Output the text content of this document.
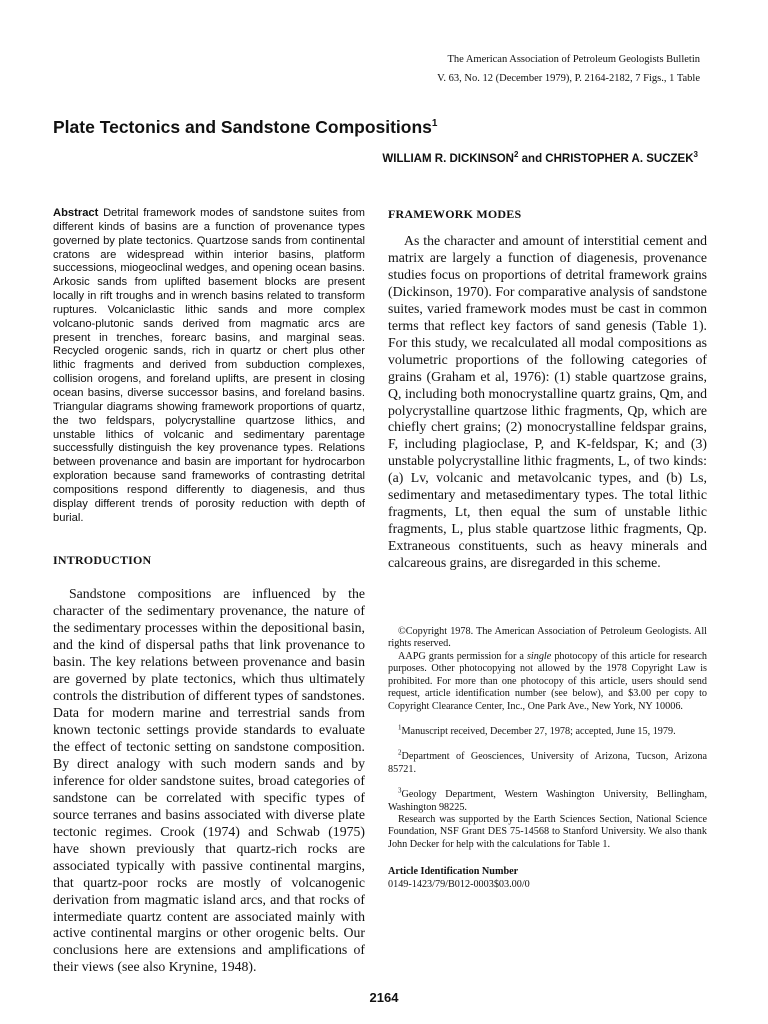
The American Association of Petroleum Geologists Bulletin
V. 63, No. 12 (December 1979), P. 2164-2182, 7 Figs., 1 Table
Plate Tectonics and Sandstone Compositions$^1$
WILLIAM R. DICKINSON$^2$ and CHRISTOPHER A. SUCZEK$^3$

Abstract Detrital framework modes of sandstone suites from different kinds of basins are a function of provenance types governed by plate tectonics. Quartzose sands from continental cratons are widespread within interior basins, platform successions, miogeoclinal wedges, and opening ocean basins. Arkosic sands from uplifted basement blocks are present locally in rift troughs and in wrench basins related to transform ruptures. Volcaniclastic lithic sands and more complex volcano-plutonic sands derived from magmatic arcs are present in trenches, forearc basins, and marginal seas. Recycled orogenic sands, rich in quartz or chert plus other lithic fragments and derived from subduction complexes, collision orogens, and foreland uplifts, are present in closing ocean basins, diverse successor basins, and foreland basins. Triangular diagrams showing framework proportions of quartz, the two feldspars, polycrystalline quartzose lithics, and unstable lithics of volcanic and sedimentary parentage successfully distinguish the key provenance types. Relations between provenance and basin are important for hydrocarbon exploration because sand frameworks of contrasting detrital compositions respond differently to diagenesis, and thus display different trends of porosity reduction with depth of burial.

INTRODUCTION

Sandstone compositions are influenced by the character of the sedimentary provenance, the nature of the sedimentary processes within the depositional basin, and the kind of dispersal paths that link provenance to basin. The key relations between provenance and basin are governed by plate tectonics, which thus ultimately controls the distribution of different types of sandstones. Data for modern marine and terrestrial sands from known tectonic settings provide standards to evaluate the effect of tectonic setting on sandstone composition. By direct analogy with such modern sands and by inference for older sandstone suites, broad categories of sandstone can be correlated with specific types of source terranes and basins associated with diverse plate tectonic regimes. Crook (1974) and Schwab (1975) have shown previously that quartz-rich rocks are associated typically with passive continental margins, that quartz-poor rocks are mostly of volcanogenic derivation from magmatic island arcs, and that rocks of intermediate quartz content are associated mainly with active continental margins or other orogenic belts. Our conclusions here are extensions and amplifications of their views (see also Krynine, 1948).

FRAMEWORK MODES

As the character and amount of interstitial cement and matrix are largely a function of diagenesis, provenance studies focus on proportions of detrital framework grains (Dickinson, 1970). For comparative analysis of sandstone suites, varied framework modes must be cast in common terms that reflect key factors of sand genesis (Table 1). For this study, we recalculated all modal compositions as volumetric proportions of the following categories of grains (Graham et al, 1976): (1) stable quartzose grains, Q, including both monocrystalline quartz grains, Qm, and polycrystalline quartzose lithic fragments, Qp, which are chiefly chert grains; (2) monocrystalline feldspar grains, F, including plagioclase, P, and K-feldspar, K; and (3) unstable polycrystalline lithic fragments, L, of two kinds: (a) Lv, volcanic and metavolcanic types, and (b) Ls, sedimentary and metasedimentary types. The total lithic fragments, Lt, then equal the sum of unstable lithic fragments, L, plus stable quartzose lithic fragments, Qp. Extraneous constituents, such as heavy minerals and calcareous grains, are disregarded in this scheme.

©Copyright 1978. The American Association of Petroleum Geologists. All rights reserved.

AAPG grants permission for a single photocopy of this article for research purposes. Other photocopying not allowed by the 1978 Copyright Law is prohibited. For more than one photocopy of this article, users should send request, article identification number (see below), and $3.00 per copy to Copyright Clearance Center, Inc., One Park Ave., New York, NY 10006.

$^1$Manuscript received, December 27, 1978; accepted, June 15, 1979.

$^2$Department of Geosciences, University of Arizona, Tucson, Arizona 85721.

$^3$Geology Department, Western Washington University, Bellingham, Washington 98225.

Research was supported by the Earth Sciences Section, National Science Foundation, NSF Grant DES 75-14568 to Stanford University. We also thank John Decker for help with the calculations for Table 1.

Article Identification Number
0149-1423/79/B012-0003$03.00/0
2164
